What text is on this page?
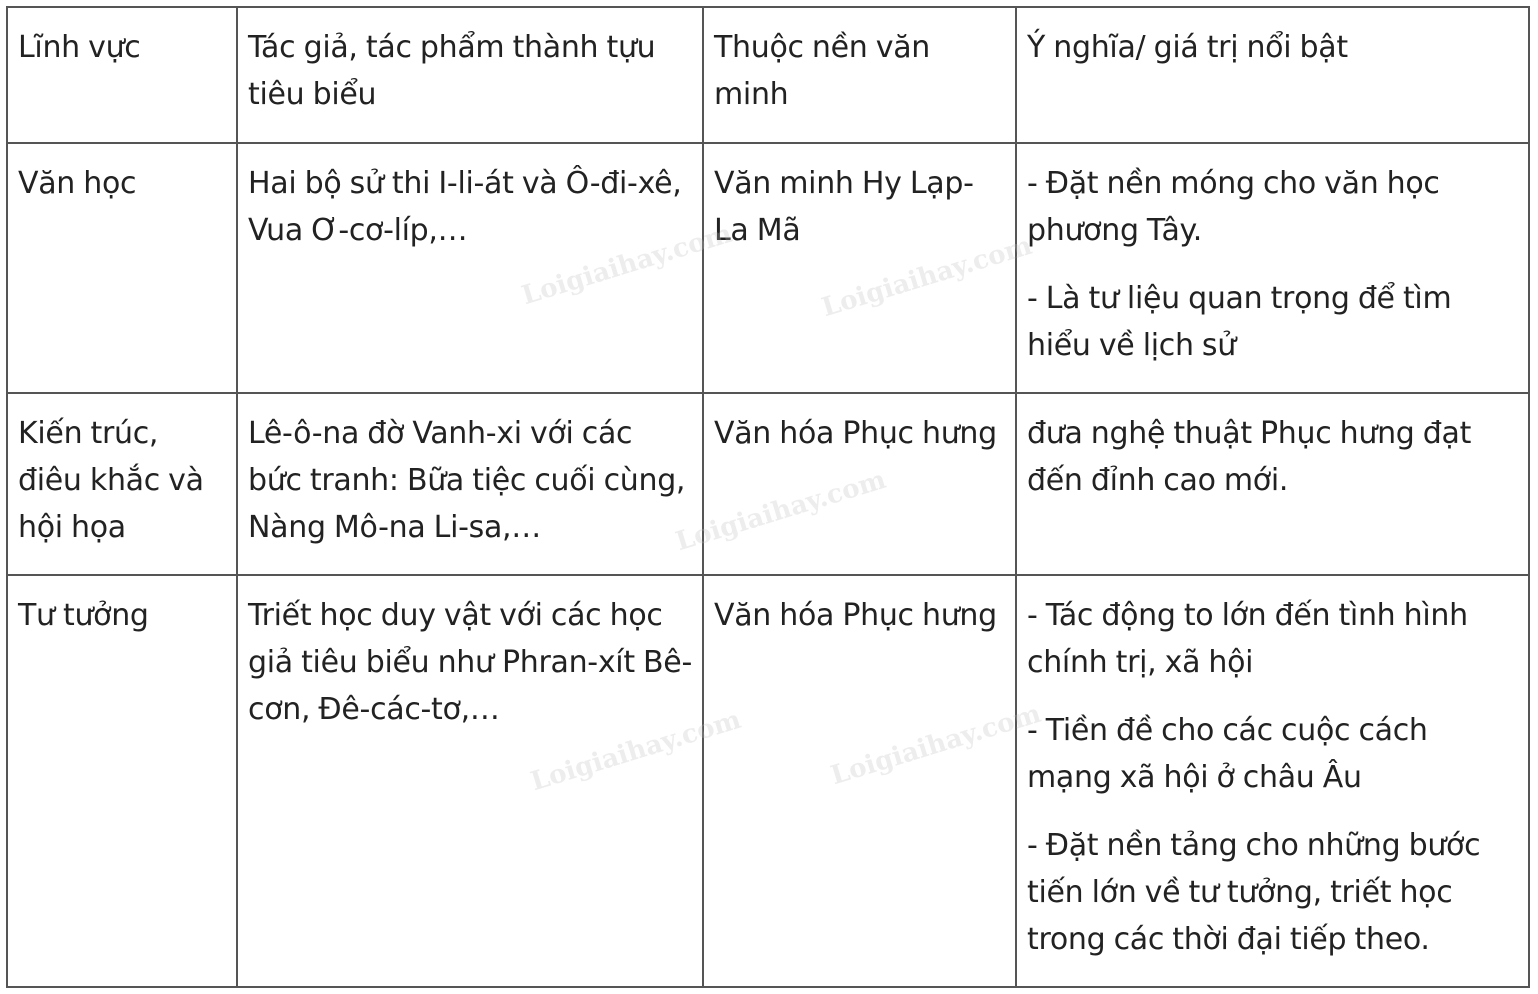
Lĩnh vực	Tác giả, tác phẩm thành tựu tiêu biểu	Thuộc nền văn minh	Ý nghĩa/ giá trị nổi bật
Văn học	Hai bộ sử thi I-li-át và Ô-đi-xê, Vua Ơ-cơ-líp,…	Văn minh Hy Lạp-La Mã	- Đặt nền móng cho văn học phương Tây.

- Là tư liệu quan trọng để tìm hiểu về lịch sử

Kiến trúc, điêu khắc và hội họa	Lê-ô-na đờ Vanh-xi với các bức tranh: Bữa tiệc cuối cùng, Nàng Mô-na Li-sa,…	Văn hóa Phục hưng	đưa nghệ thuật Phục hưng đạt đến đỉnh cao mới.

Tư tưởng	Triết học duy vật với các học giả tiêu biểu như Phran-xít Bê-cơn, Đê-các-tơ,…	Văn hóa Phục hưng	- Tác động to lớn đến tình hình chính trị, xã hội

- Tiền đề cho các cuộc cách mạng xã hội ở châu Âu

- Đặt nền tảng cho những bước tiến lớn về tư tưởng, triết học trong các thời đại tiếp theo.

Loigiaihay.com	Loigiaihay.com
Loigiaihay.com
Loigiaihay.com	Loigiaihay.com
